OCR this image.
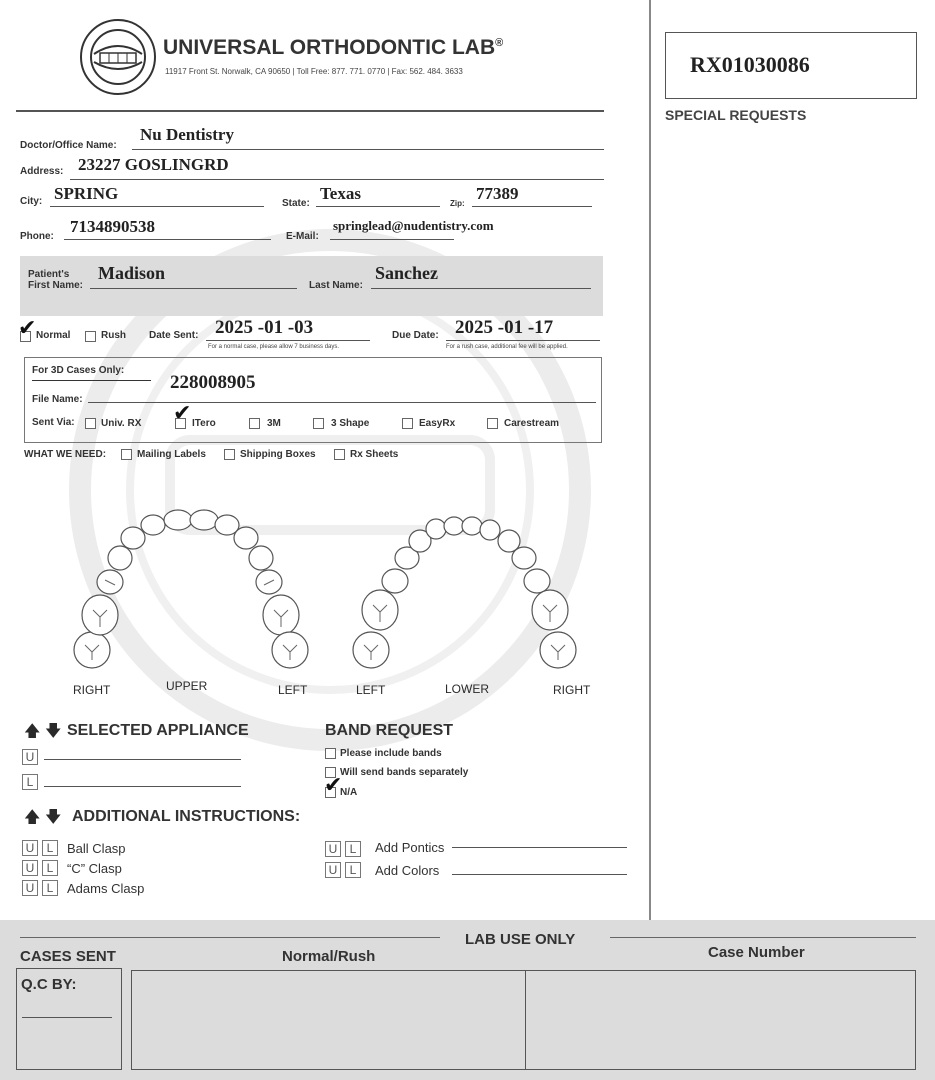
UNIVERSAL ORTHODONTIC LAB®
11917 Front St. Norwalk, CA 90650 | Toll Free: 877. 771. 0770 | Fax: 562. 484. 3633	RX01030086
SPECIAL REQUESTS
Doctor/Office Name:
Nu Dentistry
Address: 23227 GOSLINGRD
City: SPRING
State:
Texas
Zip:
77389
Phone:
7134890538
E-Mail:
springlead@nudentistry.com
Patient's
First Name:
Madison
Last Name:
Sanchez
✔ Normal	Rush Date Sent: 2025 -01 -03
For a normal case, please allow 7 business days.
Due Date: 2025 -01 -17
For a rush case, additional fee will be applied.
For 3D Cases Only:
File Name:
228008905
Sent Via:	Univ. RX ✔ ITero	3M	3 Shape	EasyRx	Carestream
WHAT WE NEED:	Mailing Labels	Shipping Boxes	Rx Sheets
RIGHT	UPPER	LEFT	LEFT	LOWER	RIGHT
🡅 🡇 SELECTED APPLIANCE
U
L
BAND REQUEST
Please include bands
Will send bands separately
✔
N/A
🡅 🡇 ADDITIONAL INSTRUCTIONS:
U	L	Ball Clasp
U	L	“C” Clasp
U	L	Adams Clasp
U	L	Add Pontics
U	L	Add Colors
LAB USE ONLY
CASES SENT	Normal/Rush	Case Number
Q.C BY:
